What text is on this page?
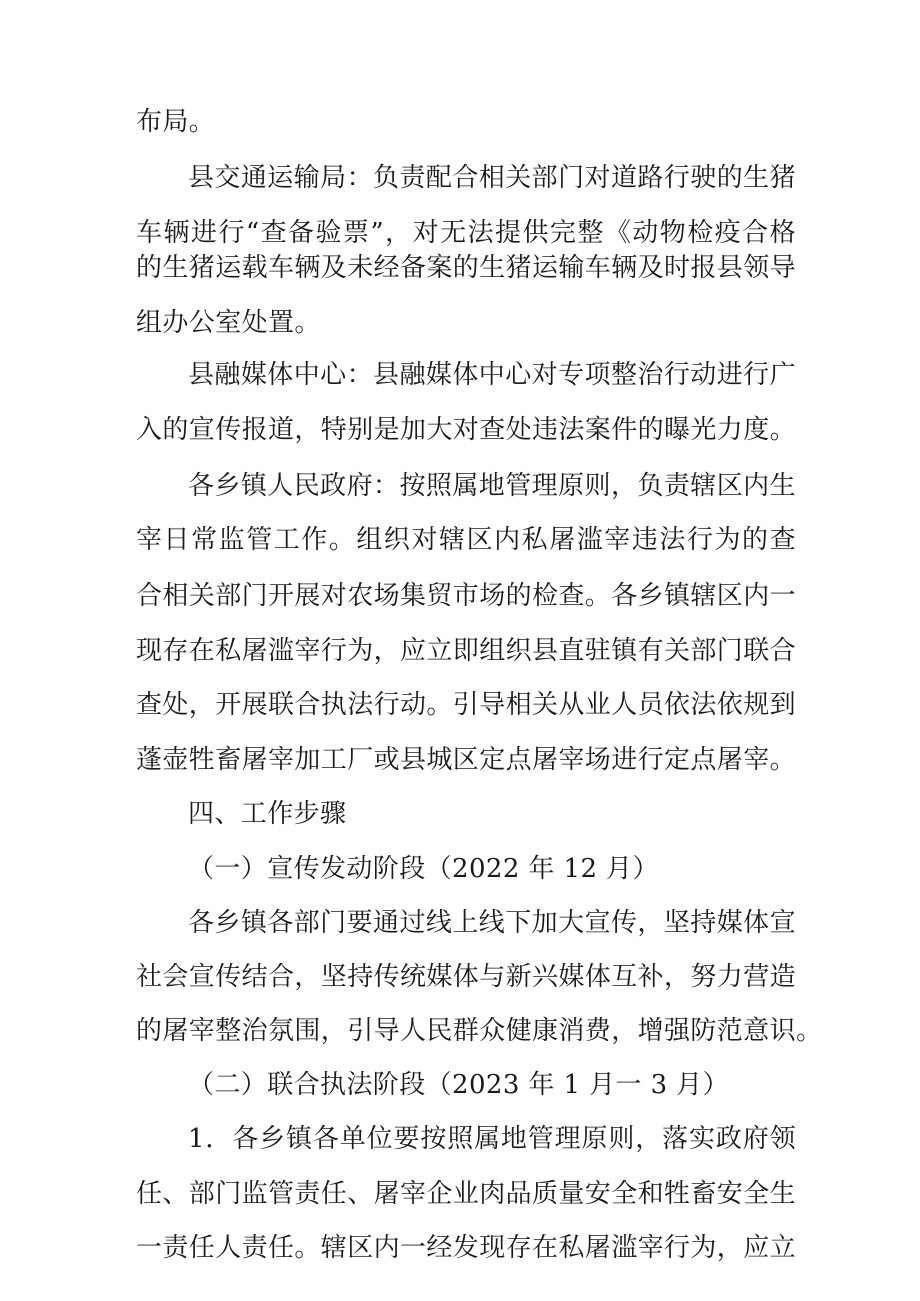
布局。
县交通运输局：负责配合相关部门对道路行驶的生猪
车辆进行“查备验票”，对无法提供完整《动物检疫合格
的生猪运载车辆及未经备案的生猪运输车辆及时报县领导
组办公室处置。
县融媒体中心：县融媒体中心对专项整治行动进行广
入的宣传报道，特别是加大对查处违法案件的曝光力度。
各乡镇人民政府：按照属地管理原则，负责辖区内生
宰日常监管工作。组织对辖区内私屠滥宰违法行为的查
合相关部门开展对农场集贸市场的检查。各乡镇辖区内一
现存在私屠滥宰行为，应立即组织县直驻镇有关部门联合
查处，开展联合执法行动。引导相关从业人员依法依规到
蓬壶牲畜屠宰加工厂或县城区定点屠宰场进行定点屠宰。
四、工作步骤
（一）宣传发动阶段（2022 年 12 月）
各乡镇各部门要通过线上线下加大宣传，坚持媒体宣
社会宣传结合，坚持传统媒体与新兴媒体互补，努力营造
的屠宰整治氛围，引导人民群众健康消费，增强防范意识。
（二）联合执法阶段（2023 年 1 月一 3 月）
1．各乡镇各单位要按照属地管理原则，落实政府领
任、部门监管责任、屠宰企业肉品质量安全和牲畜安全生
一责任人责任。辖区内一经发现存在私屠滥宰行为，应立
